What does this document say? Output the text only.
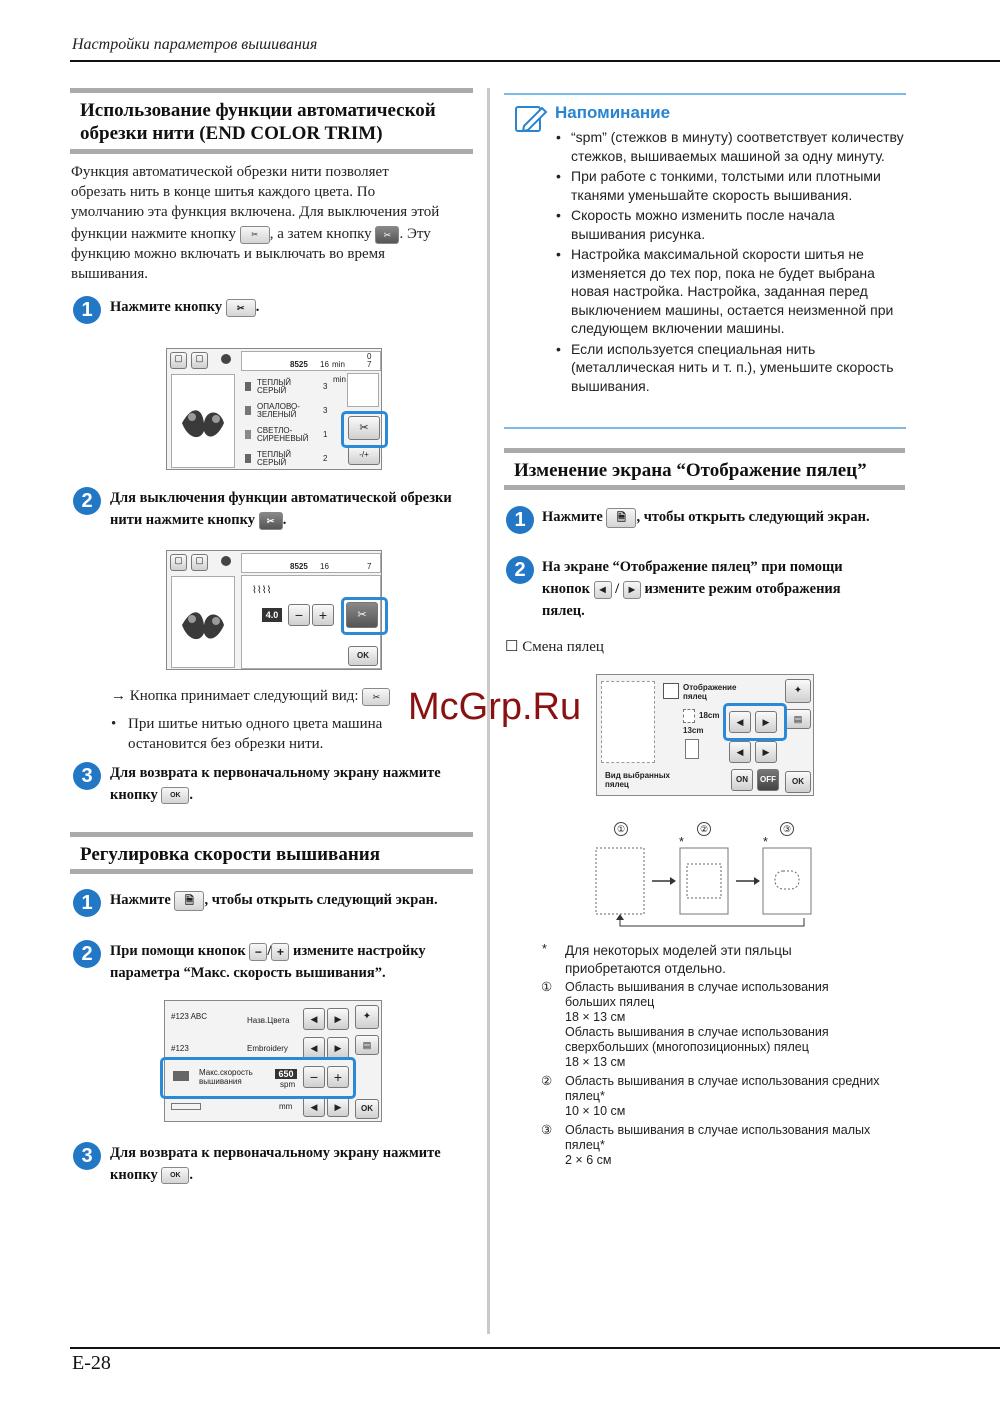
Настройки параметров вышивания
E-28
Использование функции автоматической обрезки нити (END COLOR TRIM)
Функция автоматической обрезки нити позволяет
обрезать нить в конце шитья каждого цвета. По
умолчанию эта функция включена. Для выключения этой
функции нажмите кнопку ✂ , а затем кнопку ✂ . Эту
функцию можно включать и выключать во время
вышивания.
1	Нажмите кнопку ✂ .
▢	▢
8525 16 min	7
0
ТЕПЛЫЙ
СЕРЫЙ	3
ОПАЛОВО-
ЗЕЛЕНЫЙ	3
СВЕТЛО-
СИРЕНЕВЫЙ 1
ТЕПЛЫЙ
СЕРЫЙ	2
min
✂
-/+
2	Для выключения функции автоматической обрезки
нити нажмите кнопку ✂ .
▢	▢
8525 16	7
⌇⌇⌇⌇
4.0	−	+	✂
OK
→ Кнопка принимает следующий вид: ✂
• При шитье нитью одного цвета машина
остановится без обрезки нити.
3	Для возврата к первоначальному экрану нажмите
кнопку OK .
Регулировка скорости вышивания
1	Нажмите 🗎 , чтобы открыть следующий экран.
2	При помощи кнопок − / + измените настройку
параметра “Макс. скорость вышивания”.
#123 ABC	Назв.Цвета	◀	▶
#123	Embroidery	◀	▶
Макс.скорость
вышивания
650
spm	−	+
mm	◀	▶
✦
▤
OK
3	Для возврата к первоначальному экрану нажмите
кнопку OK .
Напоминание
• “spm” (стежков в минуту) соответствует количеству стежков, вышиваемых машиной за одну минуту.
• При работе с тонкими, толстыми или плотными тканями уменьшайте скорость вышивания.
• Скорость можно изменить после начала вышивания рисунка.
• Настройка максимальной скорости шитья не изменяется до тех пор, пока не будет выбрана новая настройка. Настройка, заданная перед выключением машины, остается неизменной при следующем включении машины.
• Если используется специальная нить (металлическая нить и т. п.), уменьшите скорость вышивания.
Изменение экрана “Отображение пялец”
1	Нажмите 🗎 , чтобы открыть следующий экран.
2	На экране “Отображение пялец” при помощи
кнопок ◀ / ▶ измените режим отображения
пялец.
☐ Смена пялец
Отображение
пялец
18cm
13cm
◀	▶
◀	▶
Вид выбранных
пялец
ON	OFF
✦
▤
OK
①	②	③
*	*
* Для некоторых моделей эти пяльцы
приобретаются отдельно.
① Область вышивания в случае использования
больших пялец
18 × 13 см
Область вышивания в случае использования
сверхбольших (многопозиционных) пялец
18 × 13 см
② Область вышивания в случае использования средних
пялец*
10 × 10 см
③ Область вышивания в случае использования малых
пялец*
2 × 6 см
McGrp.Ru
